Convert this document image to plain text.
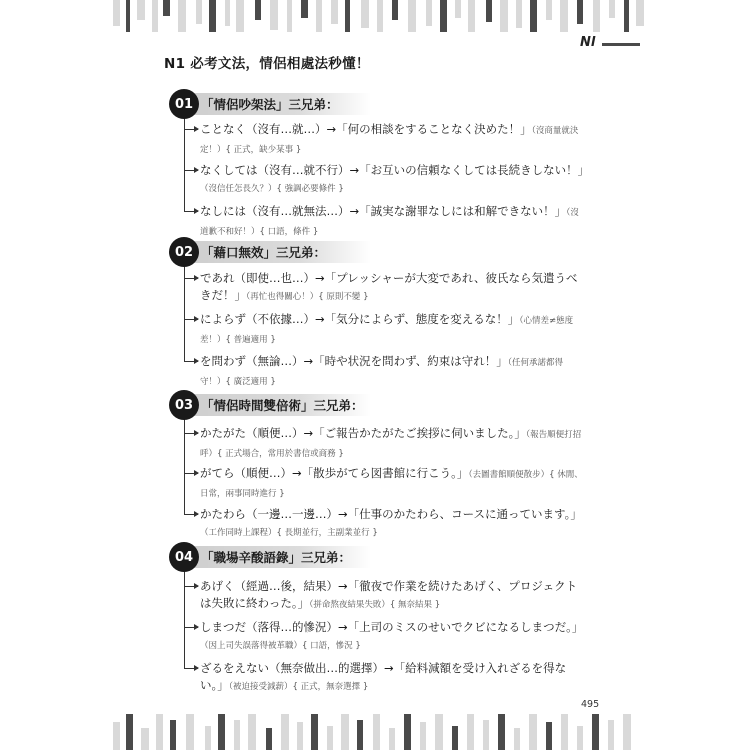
Nl
N1 必考文法，情侶相處法秒懂！
01 「情侶吵架法」三兄弟：
ことなく（沒有…就…）→「何の相談をすることなく決めた！」（沒商量就決定！）{ 正式，缺少某事 }
なくしては（沒有…就不行）→「お互いの信頼なくしては長続きしない！」（沒信任怎長久？）{ 強調必要條件 }
なしには（沒有…就無法…）→「誠実な謝罪なしには和解できない！」（沒道歉不和好！）{ 口語，條件 }
02 「藉口無效」三兄弟：
であれ（即使…也…）→「プレッシャーが大変であれ、彼氏なら気遣うべきだ！」（再忙也得關心！）{ 原則不變 }
によらず（不依據…）→「気分によらず、態度を変えるな！」（心情差≠態度差！）{ 普遍適用 }
を問わず（無論…）→「時や状況を問わず、約束は守れ！」（任何承諾都得守！）{ 廣泛適用 }
03 「情侶時間雙倍術」三兄弟：
かたがた（順便…）→「ご報告かたがたご挨拶に伺いました。」（報告順便打招呼）{ 正式場合，常用於書信或商務 }
がてら（順便…）→「散歩がてら図書館に行こう。」（去圖書館順便散步）{ 休閒、日常，兩事同時進行 }
かたわら（一邊…一邊…）→「仕事のかたわら、コースに通っています。」（工作同時上課程）{ 長期並行，主副業並行 }
04 「職場辛酸語錄」三兄弟：
あげく（經過…後，結果）→「徹夜で作業を続けたあげく、プロジェクトは失敗に終わった。」（拼命熬夜結果失敗）{ 無奈結果 }
しまつだ（落得…的慘況）→「上司のミスのせいでクビになるしまつだ。」（因上司失誤落得被革職）{ 口語，慘況 }
ざるをえない（無奈做出…的選擇）→「給料減額を受け入れざるを得ない。」（被迫接受減薪）{ 正式，無奈選擇 }
495
